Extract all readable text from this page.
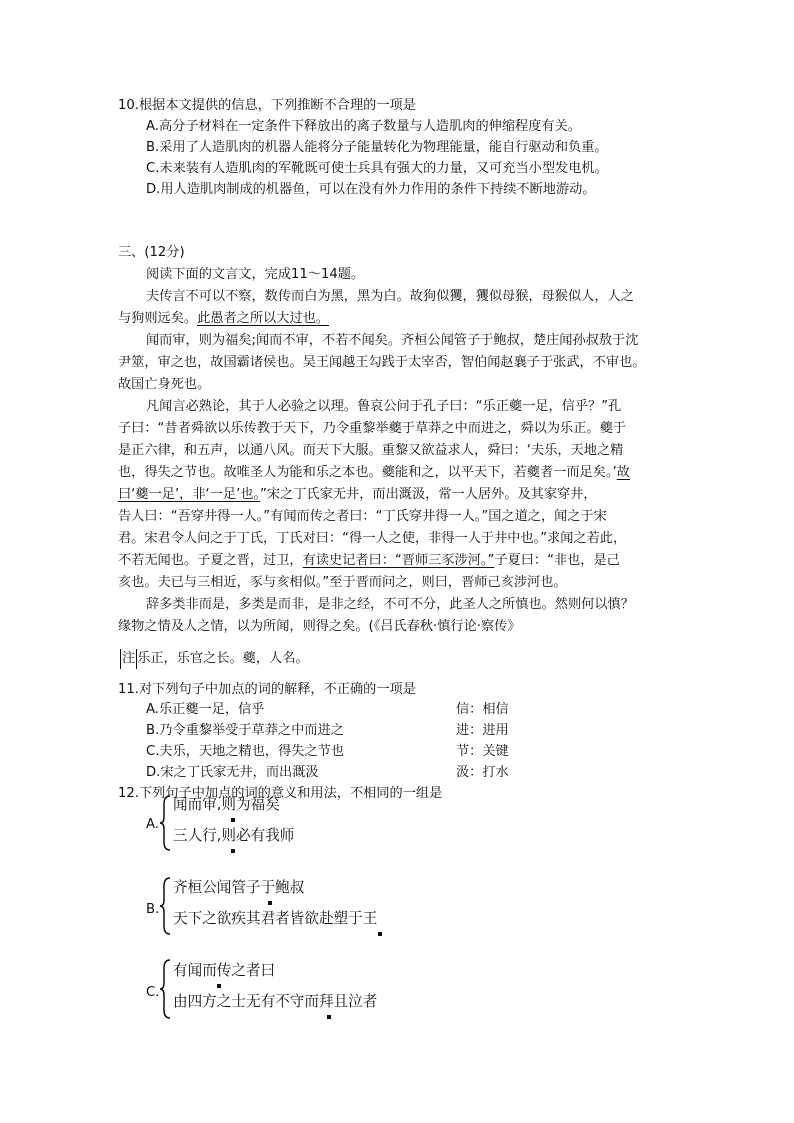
10.根据本文提供的信息，下列推断不合理的一项是
A.高分子材料在一定条件下释放出的离子数量与人造肌肉的伸缩程度有关。
B.采用了人造肌肉的机器人能将分子能量转化为物理能量，能自行驱动和负重。
C.未来装有人造肌肉的军靴既可使士兵具有强大的力量，又可充当小型发电机。
D.用人造肌肉制成的机器鱼，可以在没有外力作用的条件下持续不断地游动。
三、(12分)
阅读下面的文言文，完成11～14题。
夫传言不可以不察，数传而白为黑，黑为白。故狗似玃，玃似母猴，母猴似人，人之
与狗则远矣。此愚者之所以大过也。
闻而审，则为福矣;闻而不审，不若不闻矣。齐桓公闻管子于鲍叔，楚庄闻孙叔敖于沈
尹筮，审之也，故国霸诸侯也。吴王闻越王勾践于太宰否，智伯闻赵襄子于张武，不审也。
故国亡身死也。
凡闻言必熟论，其于人必验之以理。鲁哀公问于孔子曰：“乐正夔一足，信乎？”孔
子曰：“昔者舜欲以乐传教于天下，乃令重黎举夔于草莽之中而进之，舜以为乐正。夔于
是正六律，和五声，以通八风。而天下大服。重黎又欲益求人，舜曰：‘夫乐，天地之精
也，得失之节也。故唯圣人为能和乐之本也。夔能和之，以平天下，若夔者一而足矣。’故
曰‘夔一足’，非‘一足’也。”宋之丁氏家无井，而出溉汲，常一人居外。及其家穿井，
告人曰：“吾穿井得一人。”有闻而传之者曰：“丁氏穿井得一人。”国之道之，闻之于宋
君。宋君令人问之于丁氏，丁氏对曰：“得一人之使，非得一人于井中也。”求闻之若此，
不若无闻也。子夏之晋，过卫，有读史记者曰：“晋师三豕涉河。”子夏曰：“非也，是己
亥也。夫已与三相近，豕与亥相似。”至于晋而问之，则曰，晋师己亥涉河也。
辞多类非而是，多类是而非，是非之经，不可不分，此圣人之所慎也。然则何以慎？
缘物之情及人之情，以为所闻，则得之矣。(《吕氏春秋·慎行论·察传》
注 乐正，乐官之长。夔，人名。
11.对下列句子中加点的词的解释，不正确的一项是
A.乐正夔一足，信乎	信：相信
B.乃令重黎举受于草莽之中而进之	进：进用
C.夫乐，天地之精也，得失之节也	节：关键
D.宋之丁氏家无井，而出溉汲	汲：打水
12.下列句子中加点的词的意义和用法，不相同的一组是
A.
闻而审,则为福矣
三人行,则必有我师
B.
齐桓公闻管子于鲍叔
天下之欲疾其君者皆欲赴塑于王
C.
有闻而传之者曰
由四方之士无有不守而拜且泣者
